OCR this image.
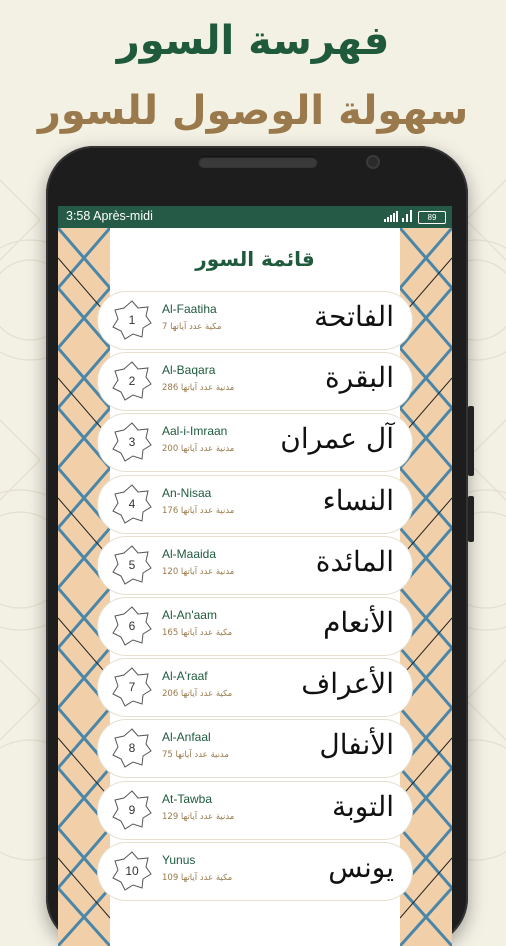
فهرسة السور
سهولة الوصول للسور
3:58 Après-midi	89
قائمة السور
1
Al-Faatiha
مكية عدد آياتها 7	الفاتحة
2
Al-Baqara
مدنية عدد آياتها 286	البقرة
3
Aal-i-Imraan
مدنية عدد آياتها 200 آل عمران
4
An-Nisaa
مدنية عدد آياتها 176	النساء
5
Al-Maaida
مدنية عدد آياتها 120	المائدة
6
Al-An'aam
مكية عدد آياتها 165	الأنعام
7
Al-A'raaf
مكية عدد آياتها 206 الأعراف
8
Al-Anfaal
مدنية عدد آياتها 75	الأنفال
9
At-Tawba
مدنية عدد آياتها 129	التوبة
10
Yunus
مكية عدد آياتها 109	يونس
